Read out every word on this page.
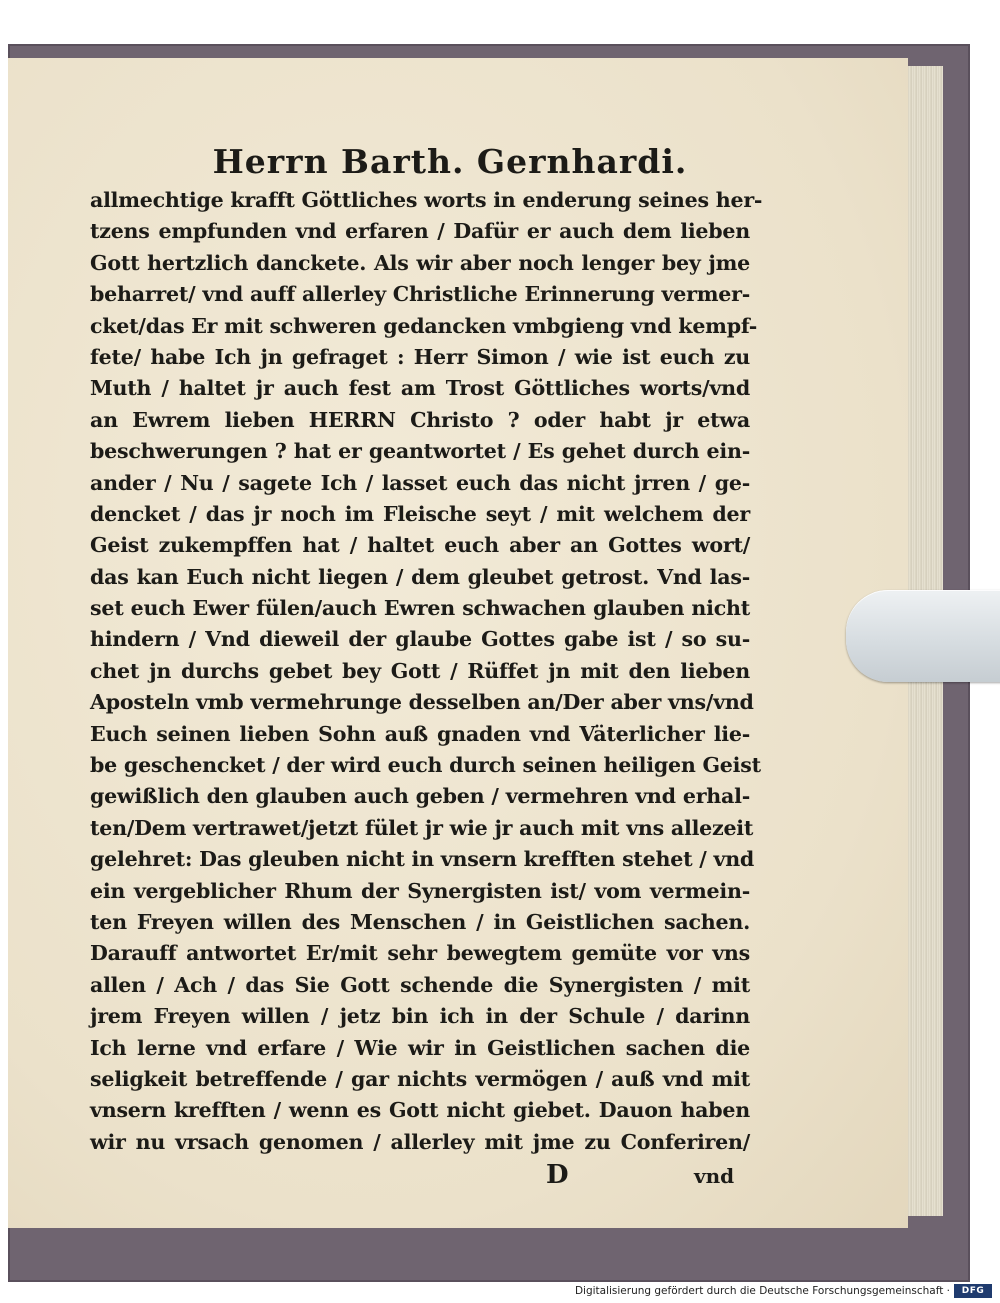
Herrn Barth. Gernhardi.
allmechtige krafft Göttliches worts in enderung seines her-
tzens empfunden vnd erfaren / Dafür er auch dem lieben
Gott hertzlich danckete. Als wir aber noch lenger bey jme
beharret/ vnd auff allerley Christliche Erinnerung vermer-
cket/das Er mit schweren gedancken vmbgieng vnd kempf-
fete/ habe Ich jn gefraget : Herr Simon / wie ist euch zu
Muth / haltet jr auch fest am Trost Göttliches worts/vnd
an Ewrem lieben HERRN Christo ? oder habt jr etwa
beschwerungen ? hat er geantwortet / Es gehet durch ein-
ander / Nu / sagete Ich / lasset euch das nicht jrren / ge-
dencket / das jr noch im Fleische seyt / mit welchem der
Geist zukempffen hat / haltet euch aber an Gottes wort/
das kan Euch nicht liegen / dem gleubet getrost. Vnd las-
set euch Ewer fülen/auch Ewren schwachen glauben nicht
hindern / Vnd dieweil der glaube Gottes gabe ist / so su-
chet jn durchs gebet bey Gott / Rüffet jn mit den lieben
Aposteln vmb vermehrunge desselben an/Der aber vns/vnd
Euch seinen lieben Sohn auß gnaden vnd Väterlicher lie-
be geschencket / der wird euch durch seinen heiligen Geist
gewißlich den glauben auch geben / vermehren vnd erhal-
ten/Dem vertrawet/jetzt fület jr wie jr auch mit vns allezeit
gelehret: Das gleuben nicht in vnsern krefften stehet / vnd
ein vergeblicher Rhum der Synergisten ist/ vom vermein-
ten Freyen willen des Menschen / in Geistlichen sachen.
Darauff antwortet Er/mit sehr bewegtem gemüte vor vns
allen / Ach / das Sie Gott schende die Synergisten / mit
jrem Freyen willen / jetz bin ich in der Schule / darinn
Ich lerne vnd erfare / Wie wir in Geistlichen sachen die
seligkeit betreffende / gar nichts vermögen / auß vnd mit
vnsern krefften / wenn es Gott nicht giebet. Dauon haben
wir nu vrsach genomen / allerley mit jme zu Conferiren/
D	vnd
Digitalisierung gefördert durch die Deutsche Forschungsgemeinschaft ·	DFG
